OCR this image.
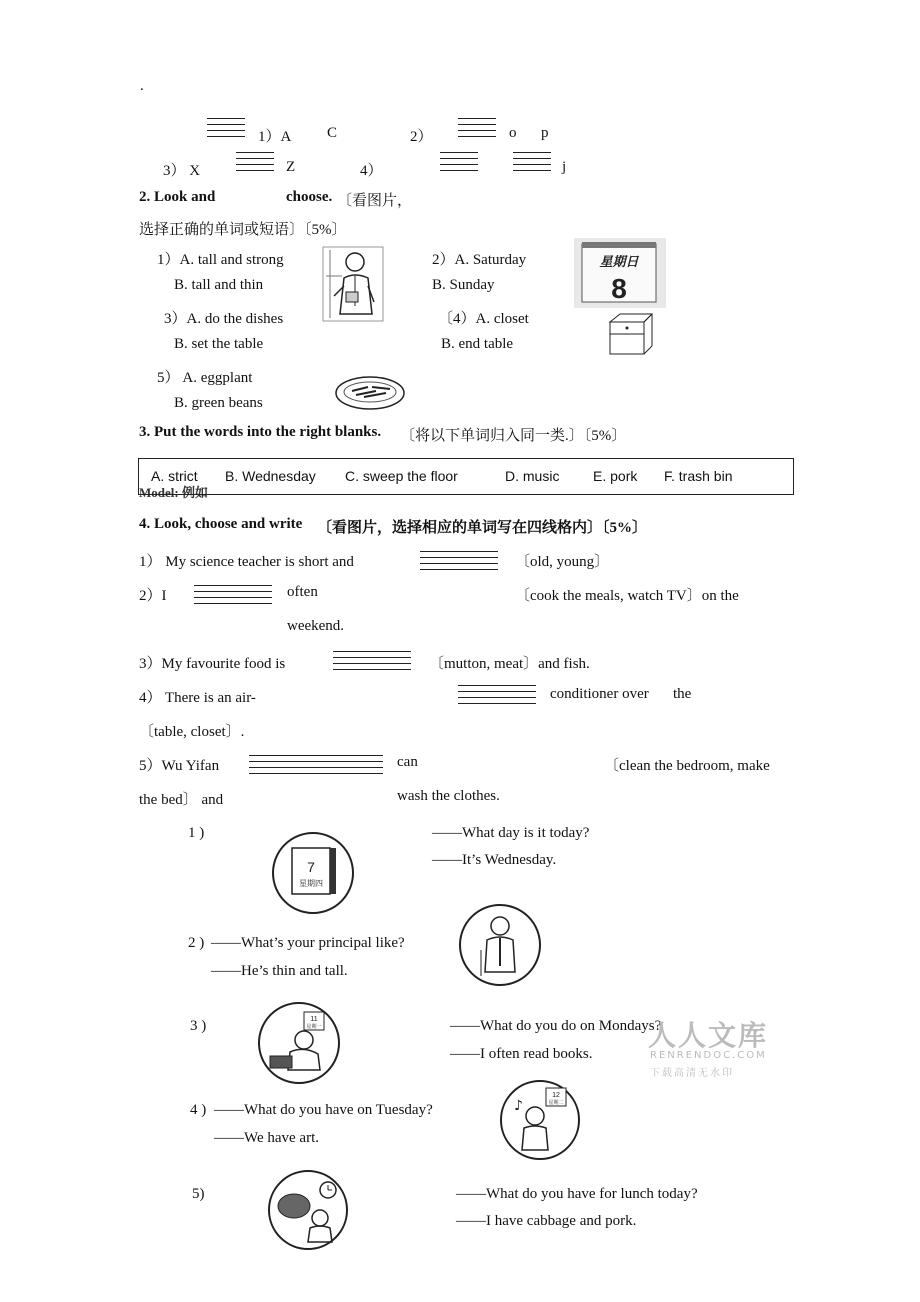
.
1）A C	2）	o p
3） X	Z	4）	j
2. Look and	choose. 〔看图片，
选择正确的单词或短语〕〔5%〕
1）A. tall and strong
B. tall and thin
2）A. Saturday
B. Sunday
3）A. do the dishes
B. set the table
〔4）A. closet
B. end table
5） A. eggplant
B. green beans
星期日
8
3. Put the words into the right blanks. 〔将以下单词归入同一类.〕〔5%〕
Model: 例如
A. strict B. Wednesday C. sweep the floor	D. music E. pork F. trash bin
4. Look, choose and write 〔看图片，选择相应的单词写在四线格内〕〔5%〕
1） My science teacher is short and	〔old, young〕
2）I	often	〔cook the meals, watch TV〕on the
weekend.
3）My favourite food is	〔mutton, meat〕and fish.
4） There is an air-	conditioner over the
〔table, closet〕.
5）Wu Yifan	can	〔clean the bedroom, make
the bed〕 and	wash the clothes.
1 )	——What day is it today?
——It’s Wednesday.
7
星期四
2 ) ——What’s your principal like?
——He’s thin and tall.
3 )	——What do you do on Mondays?
——I often read books.
11
星期一
4 ) ——What do you have on Tuesday?
——We have art.
♪
12
星期二
5)	——What do you have for lunch today?
——I have cabbage and pork.
人人文库
RENRENDOC.COM
下载高清无水印
